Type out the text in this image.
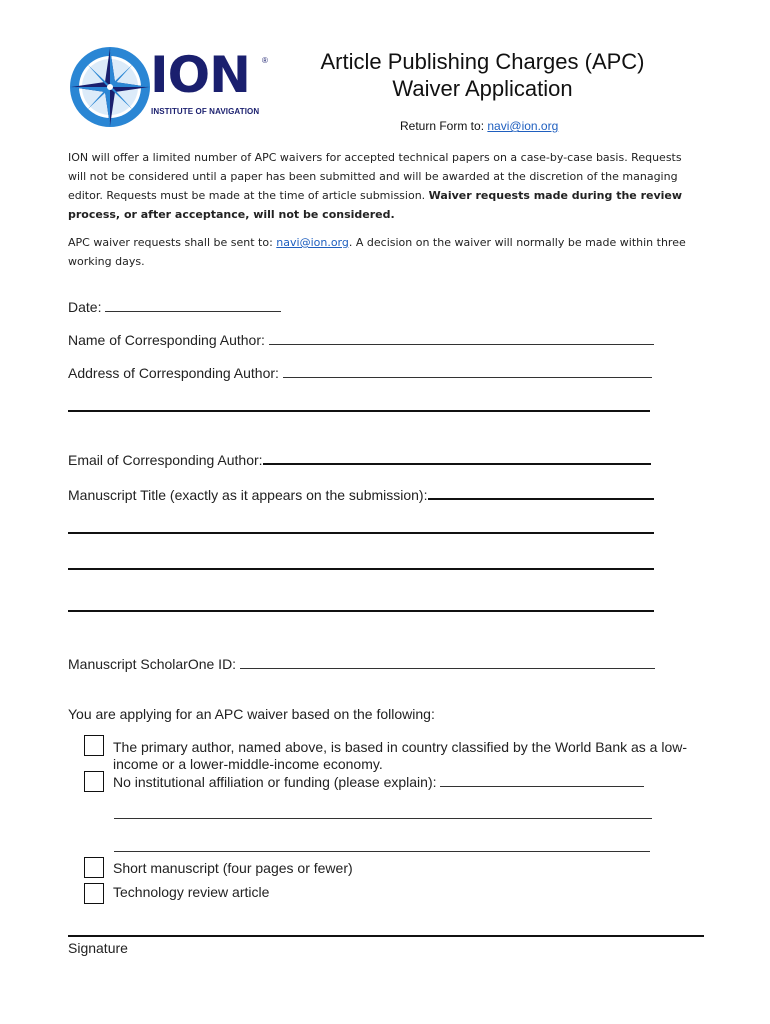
ION ®
INSTITUTE OF NAVIGATION
Article Publishing Charges (APC)
Waiver Application
Return Form to: navi@ion.org
ION will offer a limited number of APC waivers for accepted technical papers on a case-by-case basis. Requests will not be considered until a paper has been submitted and will be awarded at the discretion of the managing editor. Requests must be made at the time of article submission. Waiver requests made during the review process, or after acceptance, will not be considered.
APC waiver requests shall be sent to: navi@ion.org. A decision on the waiver will normally be made within three working days.
Date:
Name of Corresponding Author:
Address of Corresponding Author:
Email of Corresponding Author:
Manuscript Title (exactly as it appears on the submission):
Manuscript ScholarOne ID:
You are applying for an APC waiver based on the following:
The primary author, named above, is based in country classified by the World Bank as a low-
income or a lower-middle-income economy.
No institutional affiliation or funding (please explain):
Short manuscript (four pages or fewer)
Technology review article
Signature
